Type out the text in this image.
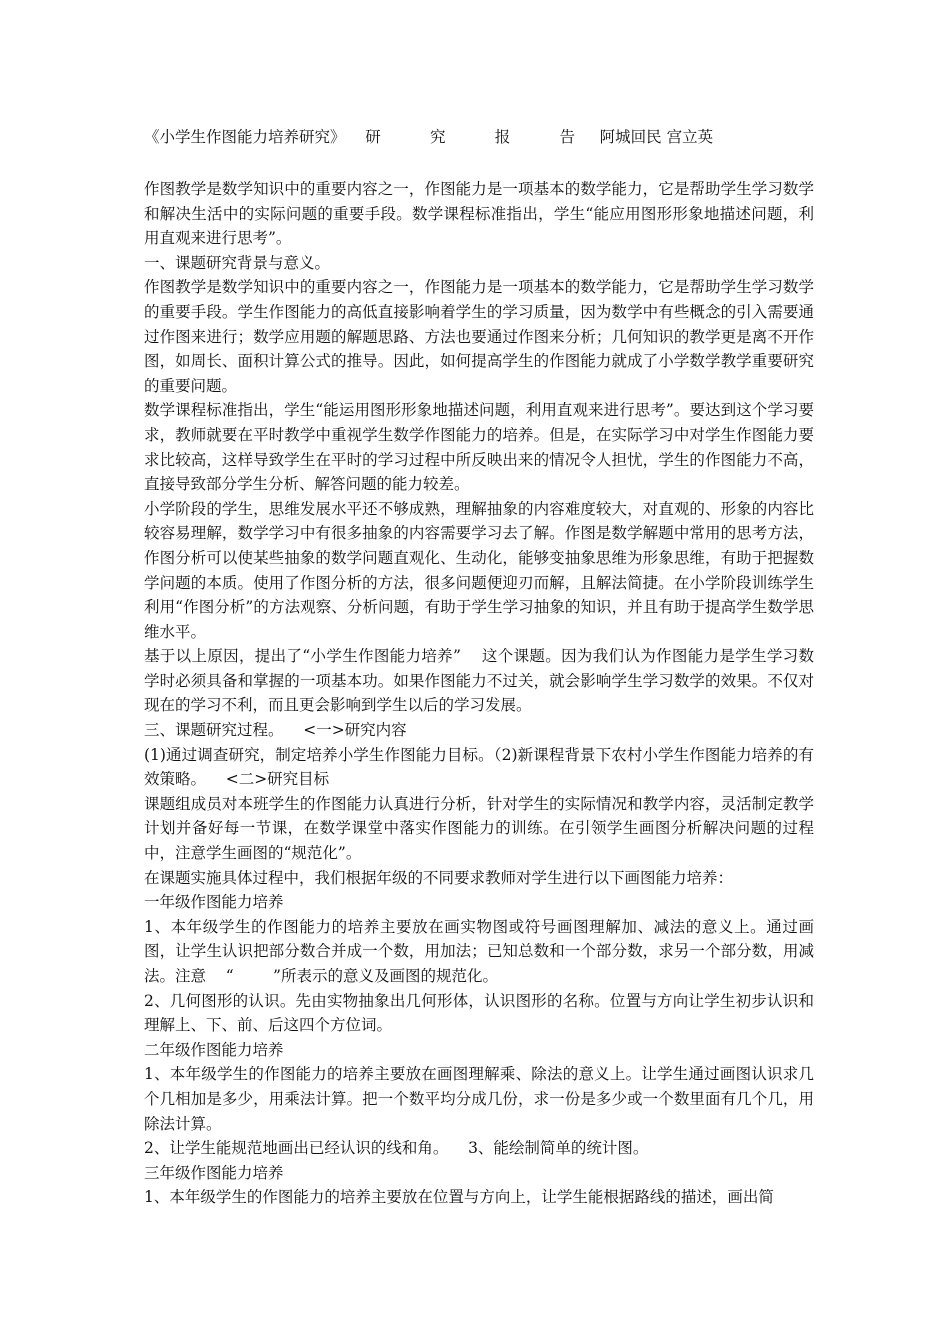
《小学生作图能力培养研究》    研          究          报          告     阿城回民 宫立英

作图教学是数学知识中的重要内容之一，作图能力是一项基本的数学能力，它是帮助学生学习数学和解决生活中的实际问题的重要手段。数学课程标准指出，学生“能应用图形形象地描述问题，利用直观来进行思考”。

一、课题研究背景与意义。

作图教学是数学知识中的重要内容之一，作图能力是一项基本的数学能力，它是帮助学生学习数学的重要手段。学生作图能力的高低直接影响着学生的学习质量，因为数学中有些概念的引入需要通过作图来进行；数学应用题的解题思路、方法也要通过作图来分析；几何知识的教学更是离不开作图，如周长、面积计算公式的推导。因此，如何提高学生的作图能力就成了小学数学教学重要研究的重要问题。

数学课程标准指出，学生“能运用图形形象地描述问题，利用直观来进行思考”。要达到这个学习要求，教师就要在平时教学中重视学生数学作图能力的培养。但是，在实际学习中对学生作图能力要求比较高，这样导致学生在平时的学习过程中所反映出来的情况令人担忧，学生的作图能力不高，直接导致部分学生分析、解答问题的能力较差。

小学阶段的学生，思维发展水平还不够成熟，理解抽象的内容难度较大，对直观的、形象的内容比较容易理解，数学学习中有很多抽象的内容需要学习去了解。作图是数学解题中常用的思考方法，作图分析可以使某些抽象的数学问题直观化、生动化，能够变抽象思维为形象思维，有助于把握数学问题的本质。使用了作图分析的方法，很多问题便迎刃而解，且解法简捷。在小学阶段训练学生利用“作图分析”的方法观察、分析问题，有助于学生学习抽象的知识，并且有助于提高学生数学思维水平。

基于以上原因，提出了“小学生作图能力培养”    这个课题。因为我们认为作图能力是学生学习数学时必须具备和掌握的一项基本功。如果作图能力不过关，就会影响学生学习数学的效果。不仅对现在的学习不利，而且更会影响到学生以后的学习发展。

三、课题研究过程。    <一>研究内容

(1)通过调查研究，制定培养小学生作图能力目标。（2)新课程背景下农村小学生作图能力培养的有效策略。    <二>研究目标

课题组成员对本班学生的作图能力认真进行分析，针对学生的实际情况和教学内容，灵活制定教学计划并备好每一节课，在数学课堂中落实作图能力的训练。在引领学生画图分析解决问题的过程中，注意学生画图的“规范化”。

在课题实施具体过程中，我们根据年级的不同要求教师对学生进行以下画图能力培养：

一年级作图能力培养

1、本年级学生的作图能力的培养主要放在画实物图或符号画图理解加、减法的意义上。通过画图，让学生认识把部分数合并成一个数，用加法；已知总数和一个部分数，求另一个部分数，用减法。注意    “        ”所表示的意义及画图的规范化。

2、几何图形的认识。先由实物抽象出几何形体，认识图形的名称。位置与方向让学生初步认识和理解上、下、前、后这四个方位词。

二年级作图能力培养

1、本年级学生的作图能力的培养主要放在画图理解乘、除法的意义上。让学生通过画图认识求几个几相加是多少，用乘法计算。把一个数平均分成几份，求一份是多少或一个数里面有几个几，用除法计算。

2、让学生能规范地画出已经认识的线和角。    3、能绘制简单的统计图。

三年级作图能力培养

1、本年级学生的作图能力的培养主要放在位置与方向上，让学生能根据路线的描述，画出简
